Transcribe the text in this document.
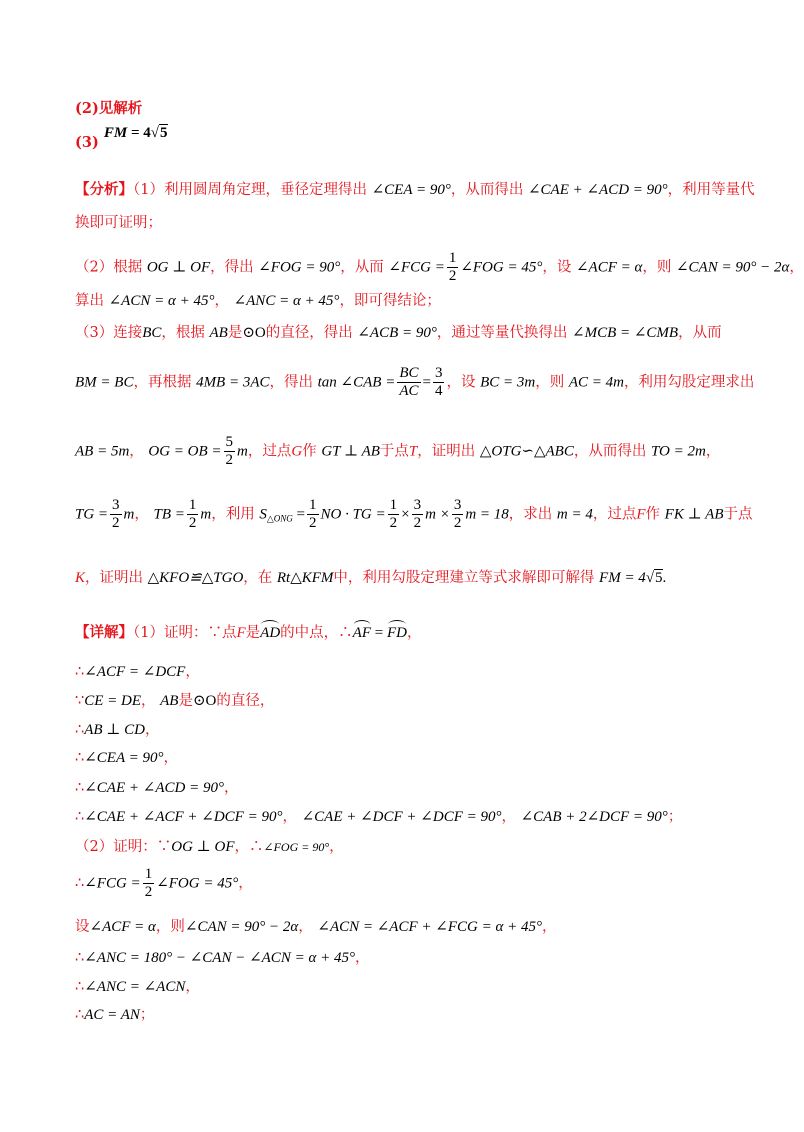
(2)见解析
(3) FM = 4√5
【分析】（1）利用圆周角定理，垂径定理得出 ∠CEA = 90°，从而得出 ∠CAE + ∠ACD = 90°，利用等量代
换即可证明；
（2）根据 OG ⊥ OF，得出 ∠FOG = 90°，从而 ∠FCG = $\frac{1}{2}$ ∠FOG = 45°，设 ∠ACF = α，则 ∠CAN = 90° − 2α，
算出 ∠ACN = α + 45°， ∠ANC = α + 45°，即可得结论；
（3）连接BC，根据 AB是⊙O的直径，得出 ∠ACB = 90°，通过等量代换得出 ∠MCB = ∠CMB，从而
BM = BC，再根据 4MB = 3AC，得出 tan ∠CAB = $\frac{BC}{AC} = \frac{3}{4}$ ，设 BC = 3m，则 AC = 4m，利用勾股定理求出
AB = 5m， OG = OB = $\frac{5}{2}$ m，过点G作 GT ⊥ AB于点T，证明出 △OTG∽△ABC，从而得出 TO = 2m，
TG = $\frac{3}{2}$ m， TB = $\frac{1}{2}$ m，利用 $S_{\triangle ONG} = \frac{1}{2}$ NO · TG = $\frac{1}{2} \times \frac{3}{2}$ $m \times \frac{3}{2}$ m = 18，求出 m = 4，过点F作 FK ⊥ AB于点
K，证明出 △KFO≌△TGO，在 Rt△KFM中，利用勾股定理建立等式求解即可解得 FM = 4√5.
【详解】（1）证明：∵点F是AD的中点，∴AF = FD，
∴∠ACF = ∠DCF，
∵CE = DE， AB是⊙O的直径，
∴AB ⊥ CD，
∴∠CEA = 90°，
∴∠CAE + ∠ACD = 90°，
∴∠CAE + ∠ACF + ∠DCF = 90°， ∠CAE + ∠DCF + ∠DCF = 90°， ∠CAB + 2∠DCF = 90°；
（2）证明：∵OG ⊥ OF，∴∠FOG = 90°，
∴∠FCG = $\frac{1}{2}$ ∠FOG = 45°，
设∠ACF = α，则∠CAN = 90° − 2α， ∠ACN = ∠ACF + ∠FCG = α + 45°，
∴∠ANC = 180° − ∠CAN − ∠ACN = α + 45°，
∴∠ANC = ∠ACN，
∴AC = AN；
